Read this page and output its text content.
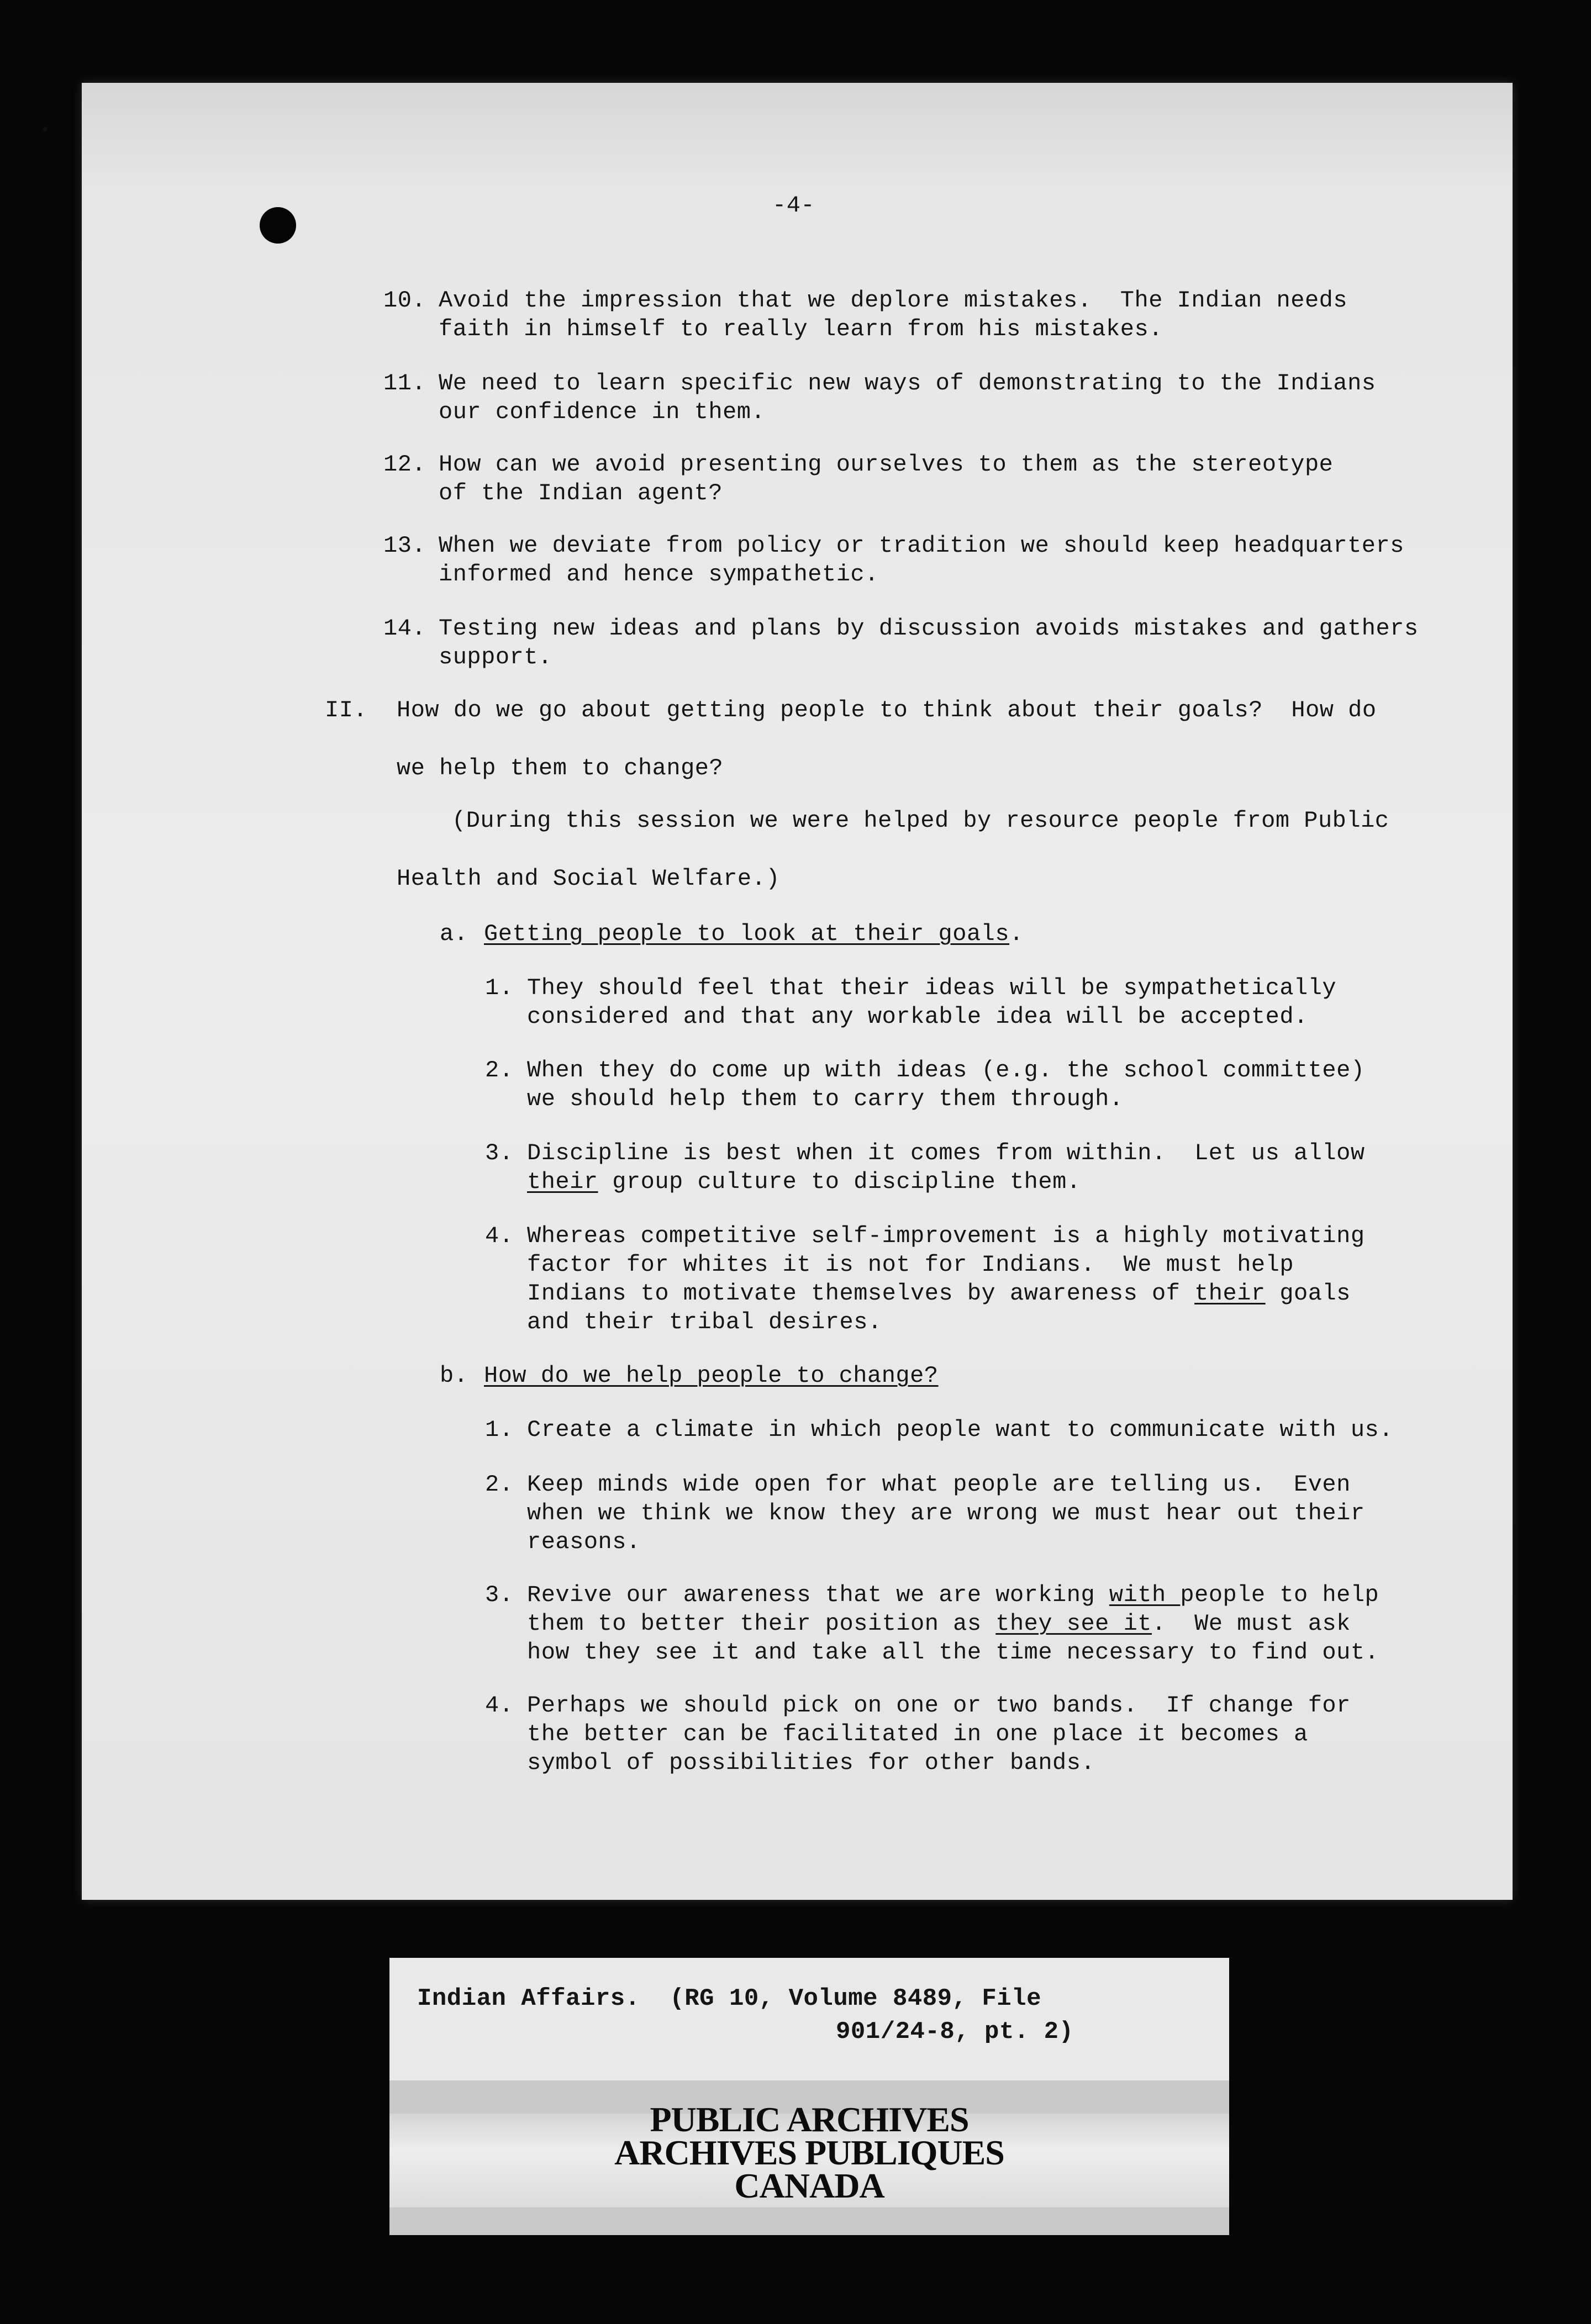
-4-
10. Avoid the impression that we deplore mistakes.  The Indian needs
faith in himself to really learn from his mistakes.
11. We need to learn specific new ways of demonstrating to the Indians
our confidence in them.
12. How can we avoid presenting ourselves to them as the stereotype
of the Indian agent?
13. When we deviate from policy or tradition we should keep headquarters
informed and hence sympathetic.
14. Testing new ideas and plans by discussion avoids mistakes and gathers
support.
II. How do we go about getting people to think about their goals?  How do
we help them to change?
(During this session we were helped by resource people from Public
Health and Social Welfare.)
a. Getting people to look at their goals.
1. They should feel that their ideas will be sympathetically
considered and that any workable idea will be accepted.
2. When they do come up with ideas (e.g. the school committee)
we should help them to carry them through.
3. Discipline is best when it comes from within.  Let us allow
their group culture to discipline them.
4. Whereas competitive self-improvement is a highly motivating
factor for whites it is not for Indians.  We must help
Indians to motivate themselves by awareness of their goals
and their tribal desires.
b. How do we help people to change?
1. Create a climate in which people want to communicate with us.
2. Keep minds wide open for what people are telling us.  Even
when we think we know they are wrong we must hear out their
reasons.
3. Revive our awareness that we are working with people to help
them to better their position as they see it.  We must ask
how they see it and take all the time necessary to find out.
4. Perhaps we should pick on one or two bands.  If change for
the better can be facilitated in one place it becomes a
symbol of possibilities for other bands.
Indian Affairs.  (RG 10, Volume 8489, File
901/24-8, pt. 2)
PUBLIC ARCHIVES
ARCHIVES PUBLIQUES
CANADA
